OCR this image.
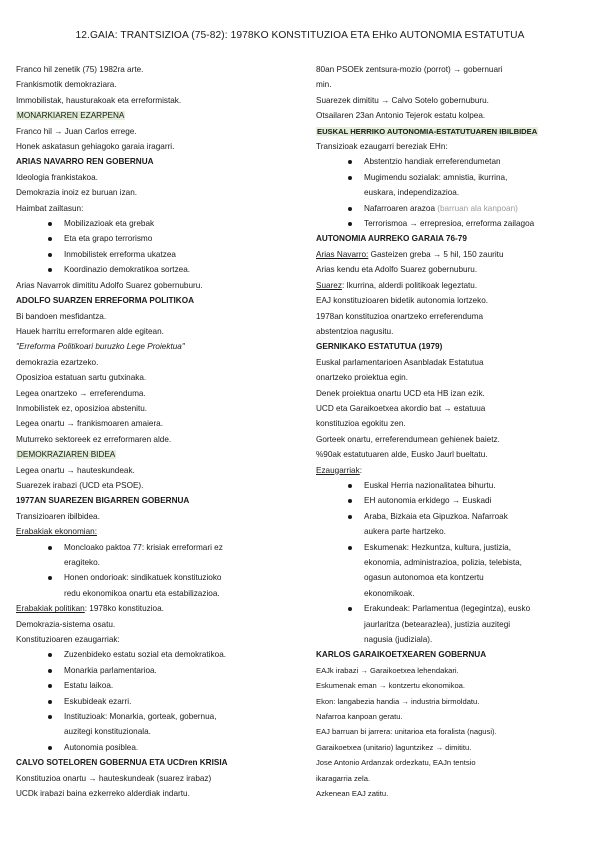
12.GAIA: TRANTSIZIOA (75-82): 1978KO KONSTITUZIOA ETA EHko AUTONOMIA ESTATUTUA
Franco hil zenetik (75) 1982ra arte.
Frankismotik demokraziara.
Immobilistak, hausturakoak eta erreformistak.
MONARKIAREN EZARPENA
Franco hil → Juan Carlos errege.
Honek askatasun gehiagoko garaia iragarri.
ARIAS NAVARRO REN GOBERNUA
Ideologia frankistakoa.
Demokrazia inoiz ez buruan izan.
Haimbat zailtasun:
Mobilizazioak eta grebak
Eta eta grapo terrorismo
Inmobilistek erreforma ukatzea
Koordinazio demokratikoa sortzea.
Arias Navarrok dimititu Adolfo Suarez gobernuburu.
ADOLFO SUARZEN ERREFORMA POLITIKOA
Bi bandoen mesfidantza.
Hauek harritu erreformaren alde egitean.
"Erreforma Politikoari buruzko Lege Proiektua"
demokrazia ezartzeko.
Oposizioa estatuan sartu gutxinaka.
Legea onartzeko → erreferenduma.
Inmobilistek ez, oposizioa abstenitu.
Legea onartu → frankismoaren amaiera.
Muturreko sektoreek ez erreformaren alde.
DEMOKRAZIAREN BIDEA
Legea onartu → hauteskundeak.
Suarezek irabazi (UCD eta PSOE).
1977AN SUAREZEN BIGARREN GOBERNUA
Transizioaren ibilbidea.
Erabakiak ekonomian:
Moncloako paktoa 77: krisiak erreformari ez
eragiteko.
Honen ondorioak: sindikatuek konstituzioko
redu ekonomikoa onartu eta estabilizazioa.
Erabakiak politikan: 1978ko konstituzioa.
Demokrazia-sistema osatu.
Konstituzioaren ezaugarriak:
Zuzenbideko estatu sozial eta demokratikoa.
Monarkia parlamentarioa.
Estatu laikoa.
Eskubideak ezarri.
Instituzioak: Monarkia, gorteak, gobernua,
auzitegi konstituzionala.
Autonomia posiblea.
CALVO SOTELOREN GOBERNUA ETA UCDren KRISIA
Konstituzioa onartu → hauteskundeak (suarez irabaz)
UCDk irabazi baina ezkerreko alderdiak indartu.
80an PSOEk zentsura-mozio (porrot) → gobernuari
min.
Suarezek dimititu → Calvo Sotelo gobernuburu.
Otsailaren 23an Antonio Tejerok estatu kolpea.
EUSKAL HERRIKO AUTONOMIA-ESTATUTUAREN IBILBIDEA
Transizioak ezaugarri bereziak EHn:
Abstentzio handiak erreferendumetan
Mugimendu sozialak: amnistia, ikurrina,
euskara, independizazioa.
Nafarroaren arazoa (barruan ala kanpoan)
Terrorismoa → errepresioa, erreforma zailagoa
AUTONOMIA AURREKO GARAIA 76-79
Arias Navarro: Gasteizen greba → 5 hil, 150 zauritu
Arias kendu eta Adolfo Suarez gobernuburu.
Suarez: Ikurrina, alderdi politikoak legeztatu.
EAJ konstituzioaren bidetik autonomia lortzeko.
1978an konstituzioa onartzeko erreferenduma
abstentzioa nagusitu.
GERNIKAKO ESTATUTUA (1979)
Euskal parlamentarioen Asanbladak Estatutua
onartzeko proiektua egin.
Denek proiektua onartu UCD eta HB izan ezik.
UCD eta Garaikoetxea akordio bat → estatuua
konstituzioa egokitu zen.
Gorteek onartu, erreferendumean gehienek baietz.
%90ak estatutuaren alde, Eusko Jaurl bueltatu.
Ezaugarriak:
Euskal Herria nazionalitatea bihurtu.
EH autonomia erkidego → Euskadi
Araba, Bizkaia eta Gipuzkoa. Nafarroak
aukera parte hartzeko.
Eskumenak: Hezkuntza, kultura, justizia,
ekonomia, administrazioa, polizia, telebista,
ogasun autonomoa eta kontzertu
ekonomikoak.
Erakundeak: Parlamentua (legegintza), eusko
jaurlaritza (betearazlea), justizia auzitegi
nagusia (judiziala).
KARLOS GARAIKOETXEAREN GOBERNUA
EAJk irabazi → Garaikoetxea lehendakari.
Eskumenak eman → kontzertu ekonomikoa.
Ekon: langabezia handia → industria birmoldatu.
Nafarroa kanpoan geratu.
EAJ barruan bi jarrera: unitarioa eta foralista (nagusi).
Garaikoetxea (unitario) laguntzikez → dimititu.
Jose Antonio Ardanzak ordezkatu, EAJn tentsio
ikaragarria zela.
Azkenean EAJ zatitu.
